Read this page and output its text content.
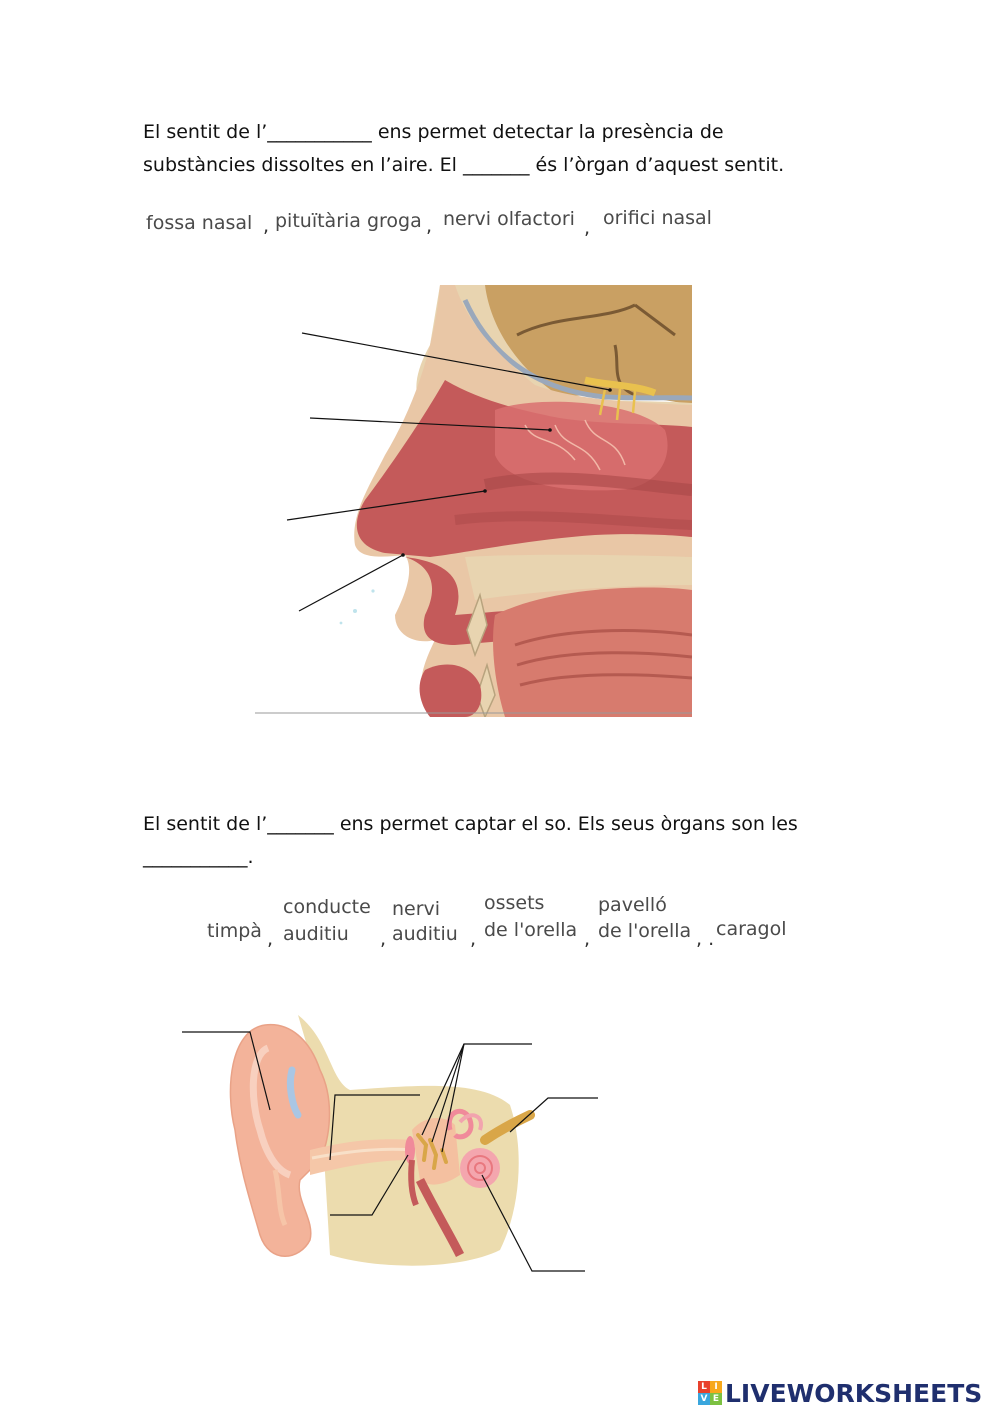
El sentit de l’___________ ens permet detectar la presència de
substàncies dissoltes en l’aire. El _______ és l’òrgan d’aquest sentit.
fossa nasal , pituïtària groga , nervi olfactori , orifici nasal
El sentit de l’_______ ens permet captar el so. Els seus òrgans son les
___________.
timpà ,
conducte
auditiu ,
nervi
auditiu ,
ossets
de l'orella ,
pavelló
de l'orella , . caragol
L I
V E LIVEWORKSHEETS
